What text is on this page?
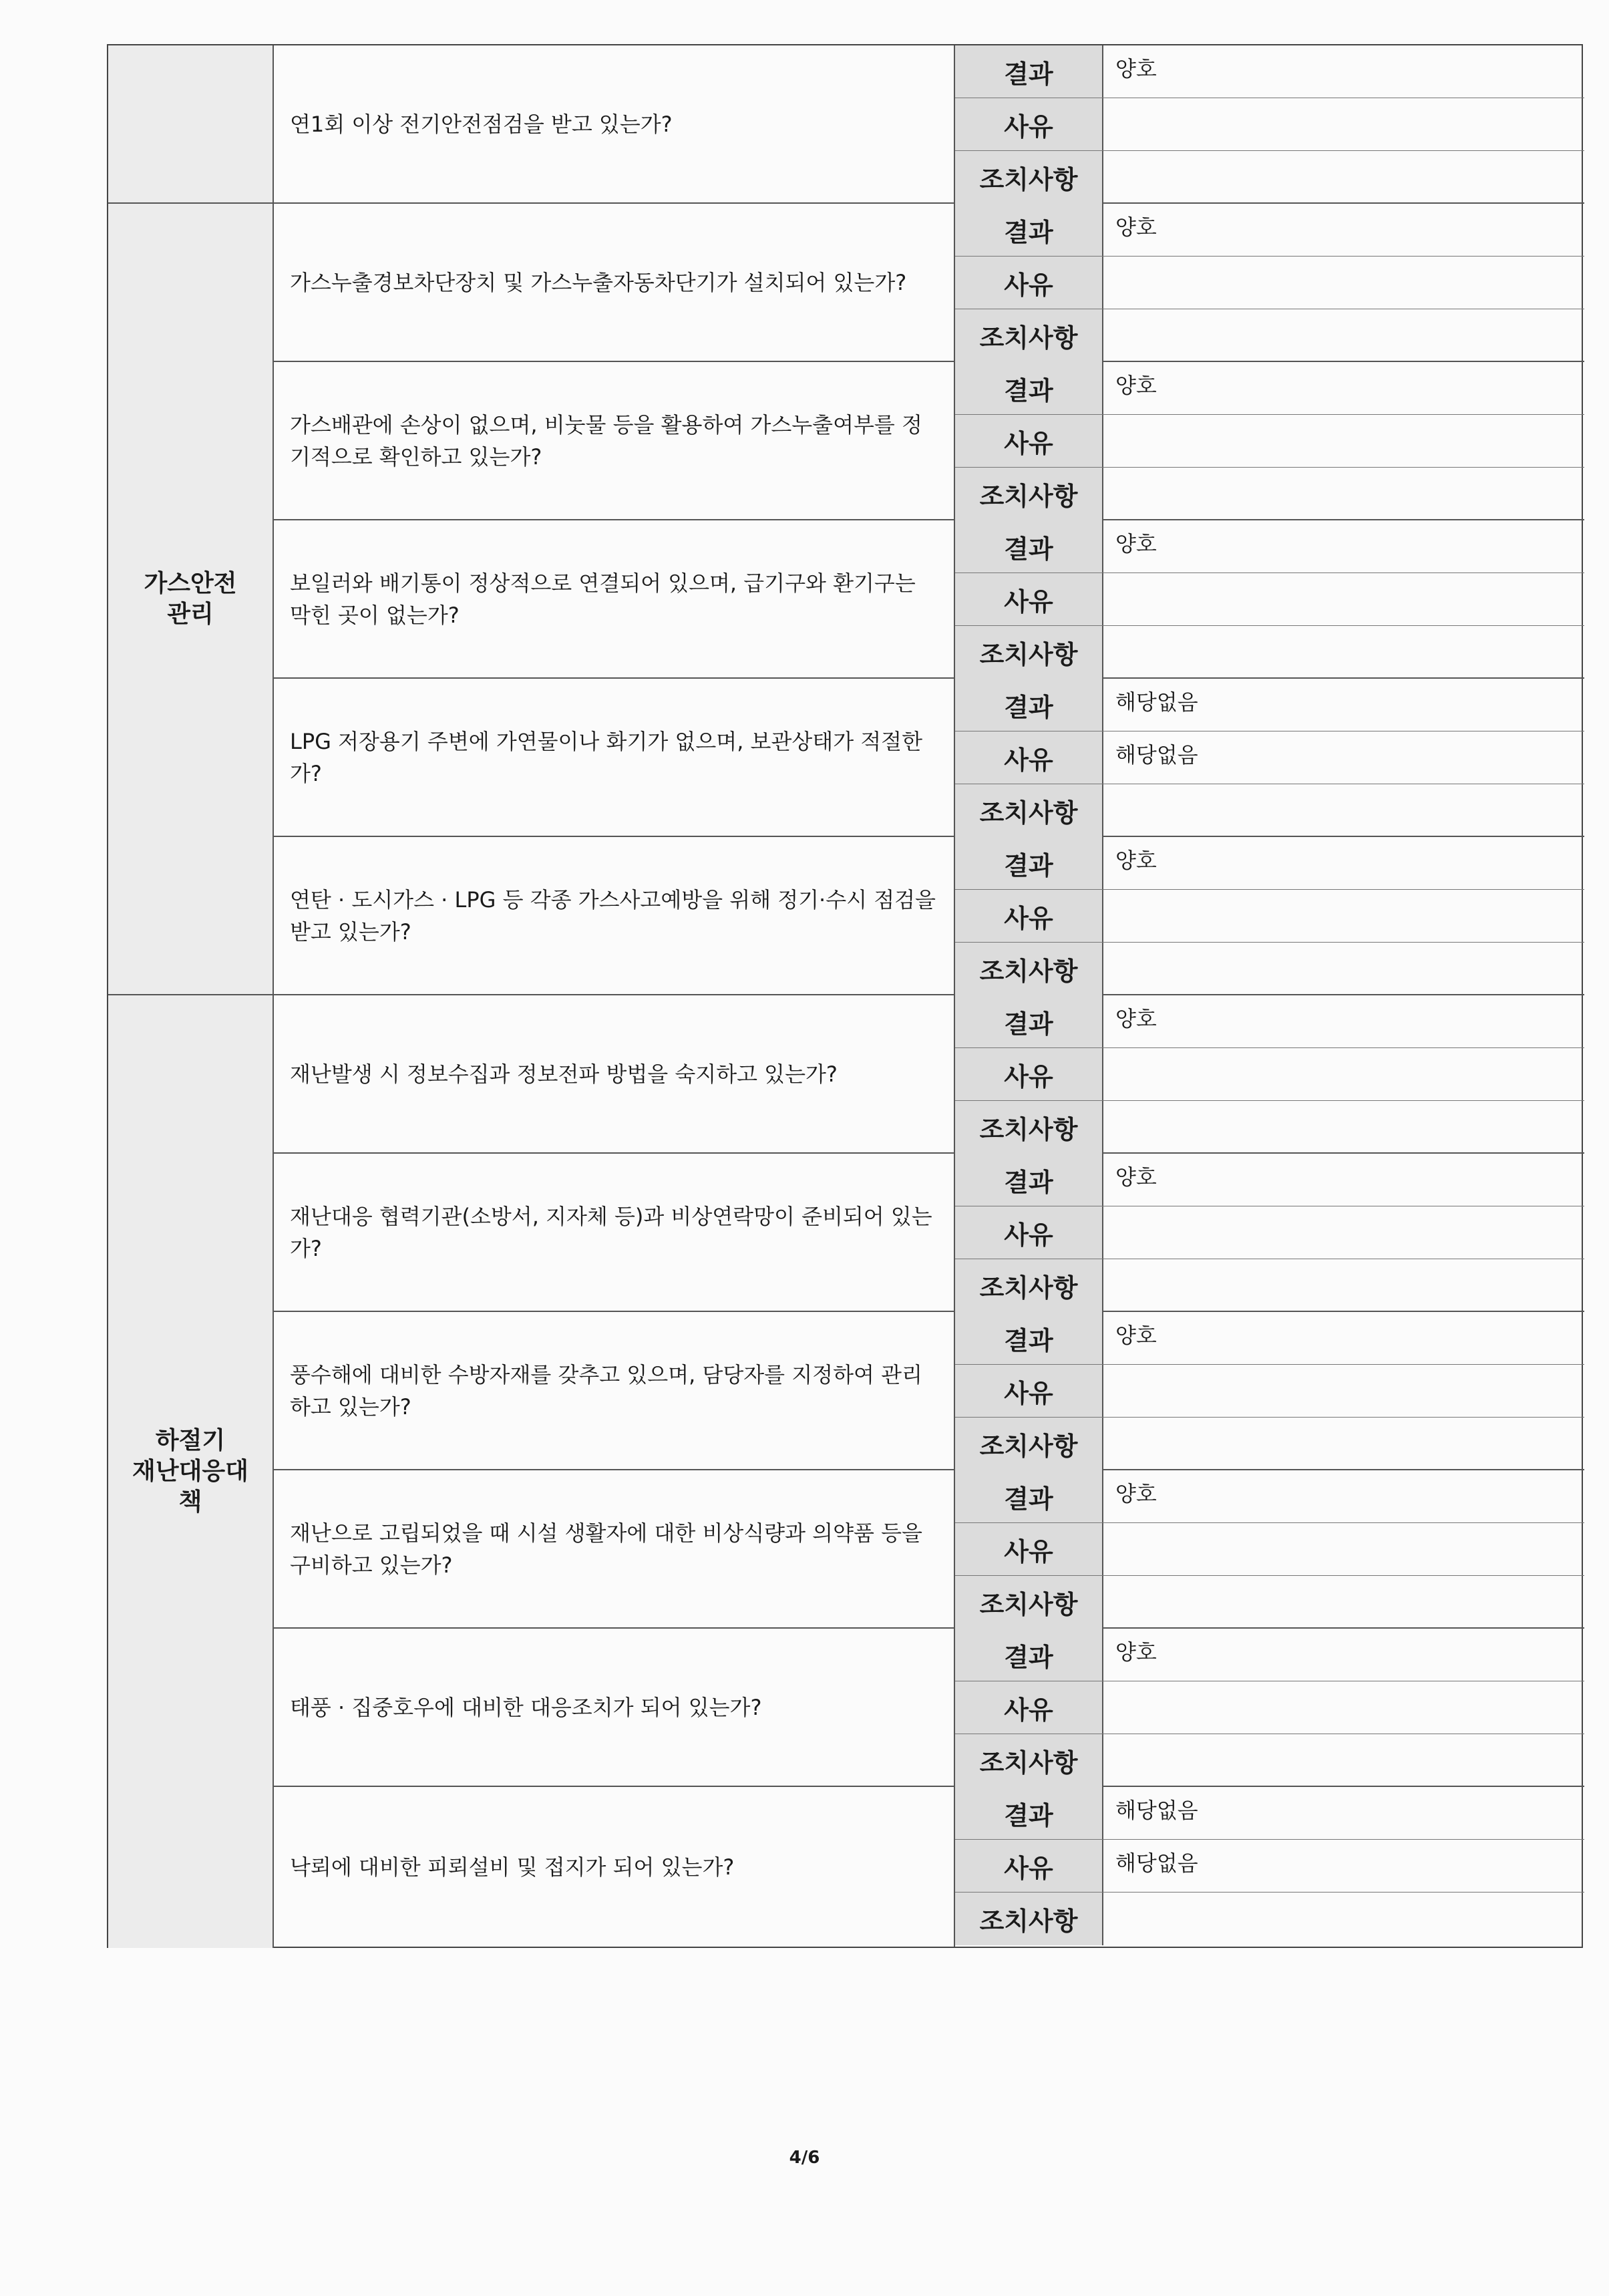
연1회 이상 전기안전점검을 받고 있는가?
결과	양호
사유
조치사항
가스안전
관리
가스누출경보차단장치 및 가스누출자동차단기가 설치되어 있는가?
결과	양호
사유
조치사항
가스배관에 손상이 없으며, 비눗물 등을 활용하여 가스누출여부를 정기적으로 확인하고 있는가?
결과	양호
사유
조치사항
보일러와 배기통이 정상적으로 연결되어 있으며, 급기구와 환기구는 막힌 곳이 없는가?
결과	양호
사유
조치사항
LPG 저장용기 주변에 가연물이나 화기가 없으며, 보관상태가 적절한가?
결과	해당없음
사유	해당없음
조치사항
연탄 · 도시가스 · LPG 등 각종 가스사고예방을 위해 정기·수시 점검을 받고 있는가?
결과	양호
사유
조치사항
하절기
재난대응대
책
재난발생 시 정보수집과 정보전파 방법을 숙지하고 있는가?
결과	양호
사유
조치사항
재난대응 협력기관(소방서, 지자체 등)과 비상연락망이 준비되어 있는가?
결과	양호
사유
조치사항
풍수해에 대비한 수방자재를 갖추고 있으며, 담당자를 지정하여 관리하고 있는가?
결과	양호
사유
조치사항
재난으로 고립되었을 때 시설 생활자에 대한 비상식량과 의약품 등을 구비하고 있는가?
결과	양호
사유
조치사항
태풍 · 집중호우에 대비한 대응조치가 되어 있는가?
결과	양호
사유
조치사항
낙뢰에 대비한 피뢰설비 및 접지가 되어 있는가?
결과	해당없음
사유	해당없음
조치사항
4/6
